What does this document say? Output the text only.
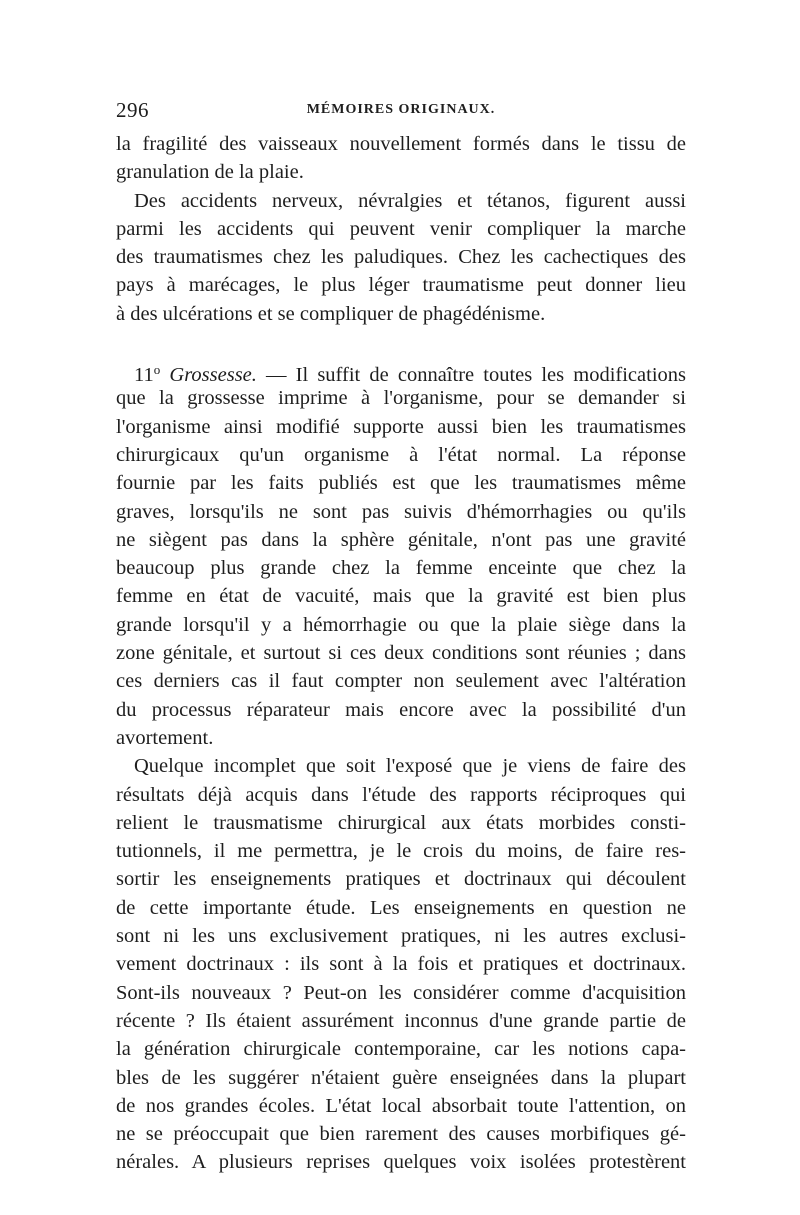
296	MÉMOIRES ORIGINAUX.
la fragilité des vaisseaux nouvellement formés dans le tissu de
granulation de la plaie.
Des accidents nerveux, névralgies et tétanos, figurent aussi
parmi les accidents qui peuvent venir compliquer la marche
des traumatismes chez les paludiques. Chez les cachectiques des
pays à marécages, le plus léger traumatisme peut donner lieu
à des ulcérations et se compliquer de phagédénisme.
11$^o$ Grossesse. — Il suffit de connaître toutes les modifications
que la grossesse imprime à l'organisme, pour se demander si
l'organisme ainsi modifié supporte aussi bien les traumatismes
chirurgicaux qu'un organisme à l'état normal. La réponse
fournie par les faits publiés est que les traumatismes même
graves, lorsqu'ils ne sont pas suivis d'hémorrhagies ou qu'ils
ne siègent pas dans la sphère génitale, n'ont pas une gravité
beaucoup plus grande chez la femme enceinte que chez la
femme en état de vacuité, mais que la gravité est bien plus
grande lorsqu'il y a hémorrhagie ou que la plaie siège dans la
zone génitale, et surtout si ces deux conditions sont réunies ; dans
ces derniers cas il faut compter non seulement avec l'altération
du processus réparateur mais encore avec la possibilité d'un
avortement.
Quelque incomplet que soit l'exposé que je viens de faire des
résultats déjà acquis dans l'étude des rapports réciproques qui
relient le trausmatisme chirurgical aux états morbides consti-
tutionnels, il me permettra, je le crois du moins, de faire res-
sortir les enseignements pratiques et doctrinaux qui découlent
de cette importante étude. Les enseignements en question ne
sont ni les uns exclusivement pratiques, ni les autres exclusi-
vement doctrinaux : ils sont à la fois et pratiques et doctrinaux.
Sont-ils nouveaux ? Peut-on les considérer comme d'acquisition
récente ? Ils étaient assurément inconnus d'une grande partie de
la génération chirurgicale contemporaine, car les notions capa-
bles de les suggérer n'étaient guère enseignées dans la plupart
de nos grandes écoles. L'état local absorbait toute l'attention, on
ne se préoccupait que bien rarement des causes morbifiques gé-
nérales. A plusieurs reprises quelques voix isolées protestèrent
